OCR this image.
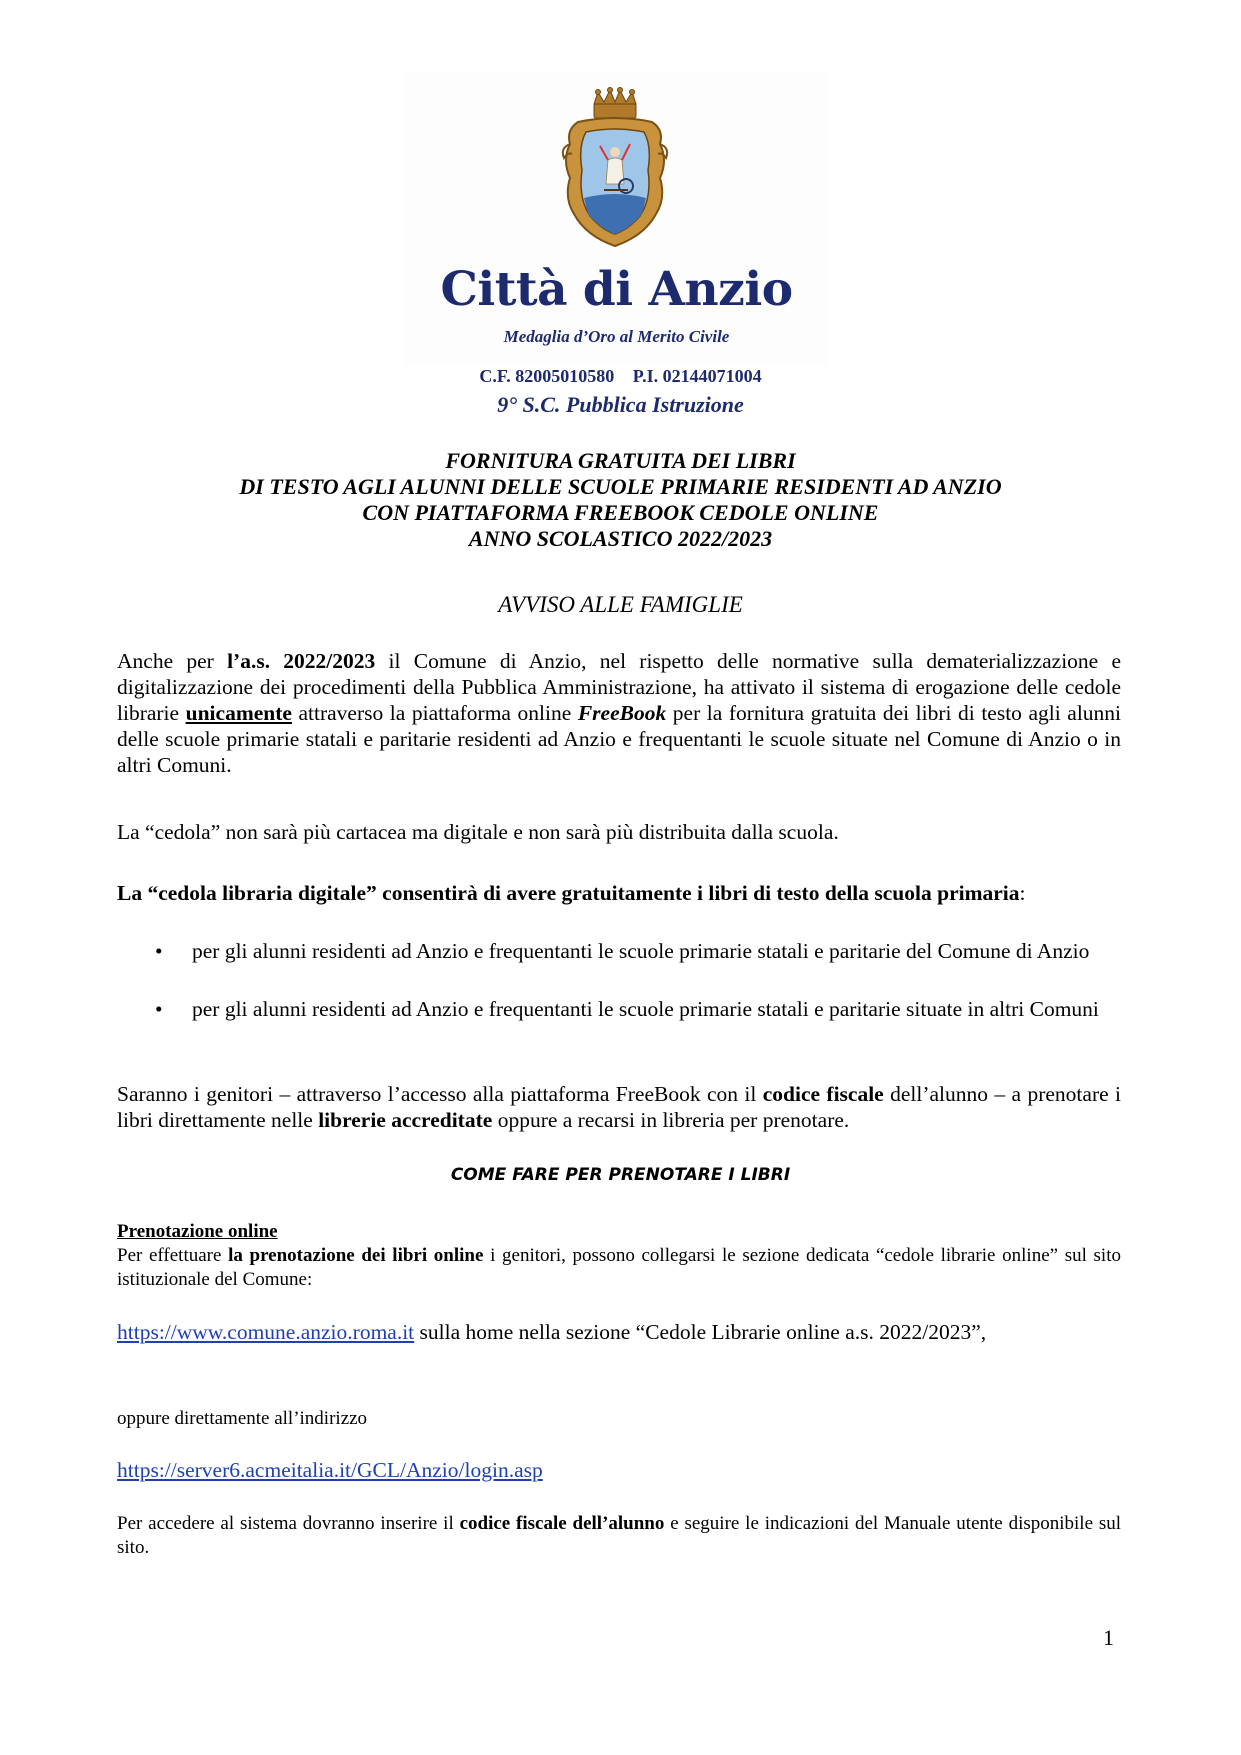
Città di Anzio
Medaglia d’Oro al Merito Civile
C.F. 82005010580 P.I. 02144071004
9° S.C. Pubblica Istruzione
FORNITURA GRATUITA DEI LIBRI
DI TESTO AGLI ALUNNI DELLE SCUOLE PRIMARIE RESIDENTI AD ANZIO
CON PIATTAFORMA FREEBOOK CEDOLE ONLINE
ANNO SCOLASTICO 2022/2023
AVVISO ALLE FAMIGLIE
Anche per l’a.s. 2022/2023 il Comune di Anzio, nel rispetto delle normative sulla dematerializzazione e digitalizzazione dei procedimenti della Pubblica Amministrazione, ha attivato il sistema di erogazione delle cedole librarie unicamente attraverso la piattaforma online FreeBook per la fornitura gratuita dei libri di testo agli alunni delle scuole primarie statali e paritarie residenti ad Anzio e frequentanti le scuole situate nel Comune di Anzio o in altri Comuni.
La “cedola” non sarà più cartacea ma digitale e non sarà più distribuita dalla scuola.
La “cedola libraria digitale” consentirà di avere gratuitamente i libri di testo della scuola primaria:
• per gli alunni residenti ad Anzio e frequentanti le scuole primarie statali e paritarie del Comune di Anzio
• per gli alunni residenti ad Anzio e frequentanti le scuole primarie statali e paritarie situate in altri Comuni
Saranno i genitori – attraverso l’accesso alla piattaforma FreeBook con il codice fiscale dell’alunno – a prenotare i libri direttamente nelle librerie accreditate oppure a recarsi in libreria per prenotare.
COME FARE PER PRENOTARE I LIBRI
Prenotazione online
Per effettuare la prenotazione dei libri online i genitori, possono collegarsi le sezione dedicata “cedole librarie online” sul sito istituzionale del Comune:
https://www.comune.anzio.roma.it sulla home nella sezione “Cedole Librarie online a.s. 2022/2023”,
oppure direttamente all’indirizzo
https://server6.acmeitalia.it/GCL/Anzio/login.asp
Per accedere al sistema dovranno inserire il codice fiscale dell’alunno e seguire le indicazioni del Manuale utente disponibile sul sito.
1
